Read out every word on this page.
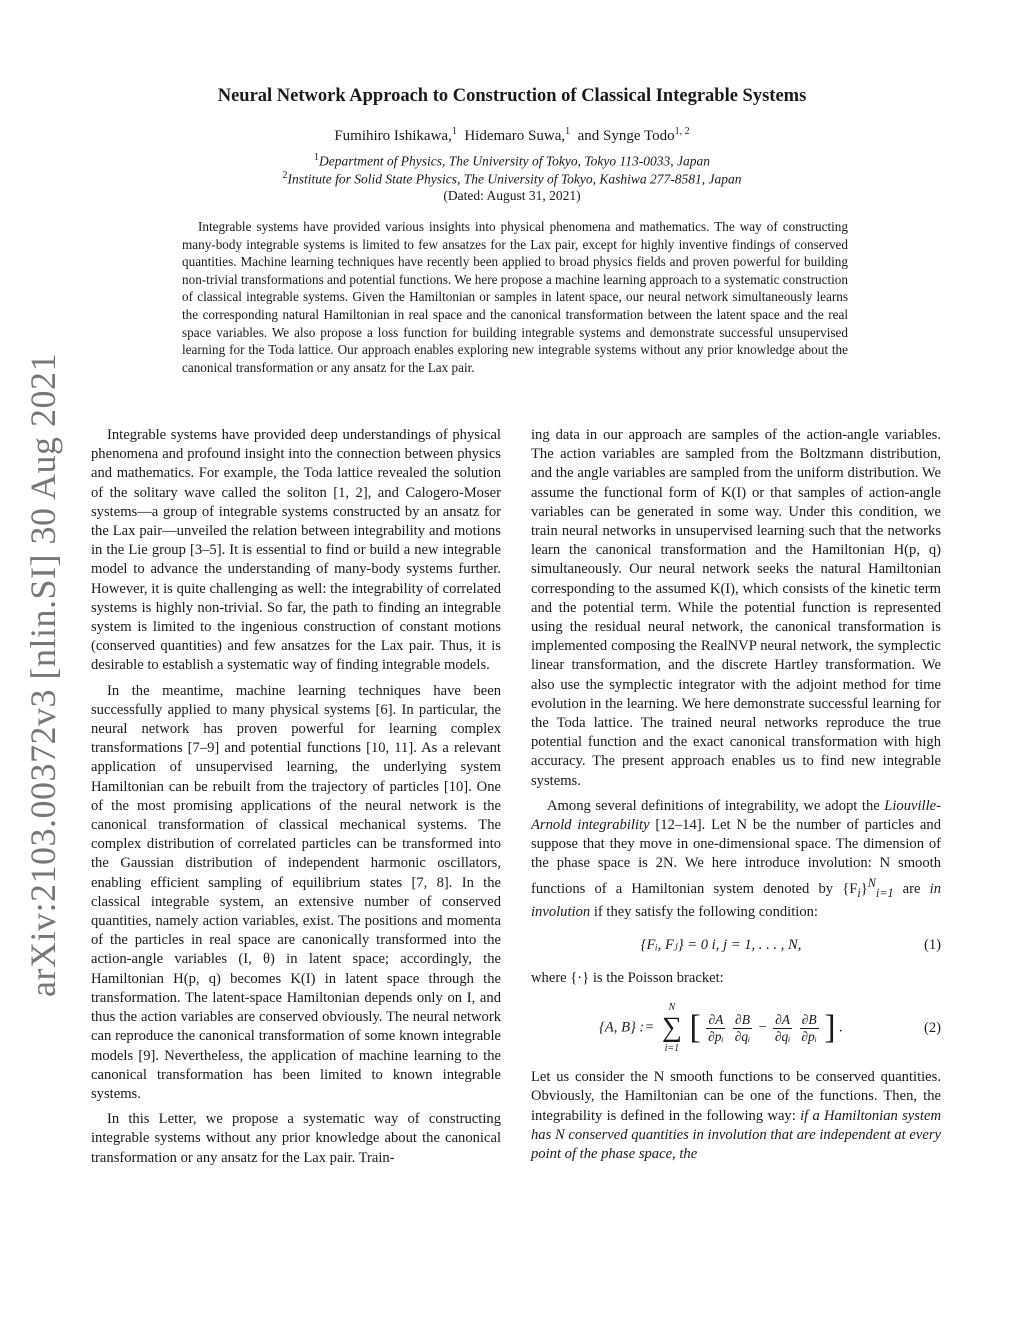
arXiv:2103.00372v3 [nlin.SI] 30 Aug 2021
Neural Network Approach to Construction of Classical Integrable Systems
Fumihiro Ishikawa,$^1$ Hidemaro Suwa,$^1$ and Synge Todo$^{1, 2}$
$^1$Department of Physics, The University of Tokyo, Tokyo 113-0033, Japan
$^2$Institute for Solid State Physics, The University of Tokyo, Kashiwa 277-8581, Japan
(Dated: August 31, 2021)

Integrable systems have provided various insights into physical phenomena and mathematics. The way of constructing many-body integrable systems is limited to few ansatzes for the Lax pair, except for highly inventive findings of conserved quantities. Machine learning techniques have recently been applied to broad physics fields and proven powerful for building non-trivial transformations and potential functions. We here propose a machine learning approach to a systematic construction of classical integrable systems. Given the Hamiltonian or samples in latent space, our neural network simultaneously learns the corresponding natural Hamiltonian in real space and the canonical transformation between the latent space and the real space variables. We also propose a loss function for building integrable systems and demonstrate successful unsupervised learning for the Toda lattice. Our approach enables exploring new integrable systems without any prior knowledge about the canonical transformation or any ansatz for the Lax pair.

Integrable systems have provided deep understandings of physical phenomena and profound insight into the connection between physics and mathematics. For example, the Toda lattice revealed the solution of the solitary wave called the soliton [1, 2], and Calogero-Moser systems—a group of integrable systems constructed by an ansatz for the Lax pair—unveiled the relation between integrability and motions in the Lie group [3–5]. It is essential to find or build a new integrable model to advance the understanding of many-body systems further. However, it is quite challenging as well: the integrability of correlated systems is highly non-trivial. So far, the path to finding an integrable system is limited to the ingenious construction of constant motions (conserved quantities) and few ansatzes for the Lax pair. Thus, it is desirable to establish a systematic way of finding integrable models.

In the meantime, machine learning techniques have been successfully applied to many physical systems [6]. In particular, the neural network has proven powerful for learning complex transformations [7–9] and potential functions [10, 11]. As a relevant application of unsupervised learning, the underlying system Hamiltonian can be rebuilt from the trajectory of particles [10]. One of the most promising applications of the neural network is the canonical transformation of classical mechanical systems. The complex distribution of correlated particles can be transformed into the Gaussian distribution of independent harmonic oscillators, enabling efficient sampling of equilibrium states [7, 8]. In the classical integrable system, an extensive number of conserved quantities, namely action variables, exist. The positions and momenta of the particles in real space are canonically transformed into the action-angle variables (I, θ) in latent space; accordingly, the Hamiltonian H(p, q) becomes K(I) in latent space through the transformation. The latent-space Hamiltonian depends only on I, and thus the action variables are conserved obviously. The neural network can reproduce the canonical transformation of some known integrable models [9]. Nevertheless, the application of machine learning to the canonical transformation has been limited to known integrable systems.

In this Letter, we propose a systematic way of constructing integrable systems without any prior knowledge about the canonical transformation or any ansatz for the Lax pair. Train-

ing data in our approach are samples of the action-angle variables. The action variables are sampled from the Boltzmann distribution, and the angle variables are sampled from the uniform distribution. We assume the functional form of K(I) or that samples of action-angle variables can be generated in some way. Under this condition, we train neural networks in unsupervised learning such that the networks learn the canonical transformation and the Hamiltonian H(p, q) simultaneously. Our neural network seeks the natural Hamiltonian corresponding to the assumed K(I), which consists of the kinetic term and the potential term. While the potential function is represented using the residual neural network, the canonical transformation is implemented composing the RealNVP neural network, the symplectic linear transformation, and the discrete Hartley transformation. We also use the symplectic integrator with the adjoint method for time evolution in the learning. We here demonstrate successful learning for the Toda lattice. The trained neural networks reproduce the true potential function and the exact canonical transformation with high accuracy. The present approach enables us to find new integrable systems.

Among several definitions of integrability, we adopt the Liouville-Arnold integrability [12–14]. Let N be the number of particles and suppose that they move in one-dimensional space. The dimension of the phase space is 2N. We here introduce involution: N smooth functions of a Hamiltonian system denoted by $\{F_i\}^N_{i=1}$ are in involution if they satisfy the following condition:

{Fᵢ, Fⱼ} = 0 i, j = 1, . . . , N,	(1)

where {·} is the Poisson bracket:

{A, B} :=
N
∑
i=1
[ $\frac{\partial A}{\text{∂pᵢ}}$
$\frac{\partial B}{\text{∂qᵢ}} - \frac{\partial A}{\text{∂qᵢ}}$
$\frac{\partial B}{\text{∂pᵢ}}$ ] .	(2)

Let us consider the N smooth functions to be conserved quantities. Obviously, the Hamiltonian can be one of the functions. Then, the integrability is defined in the following way: if a Hamiltonian system has N conserved quantities in involution that are independent at every point of the phase space, the
